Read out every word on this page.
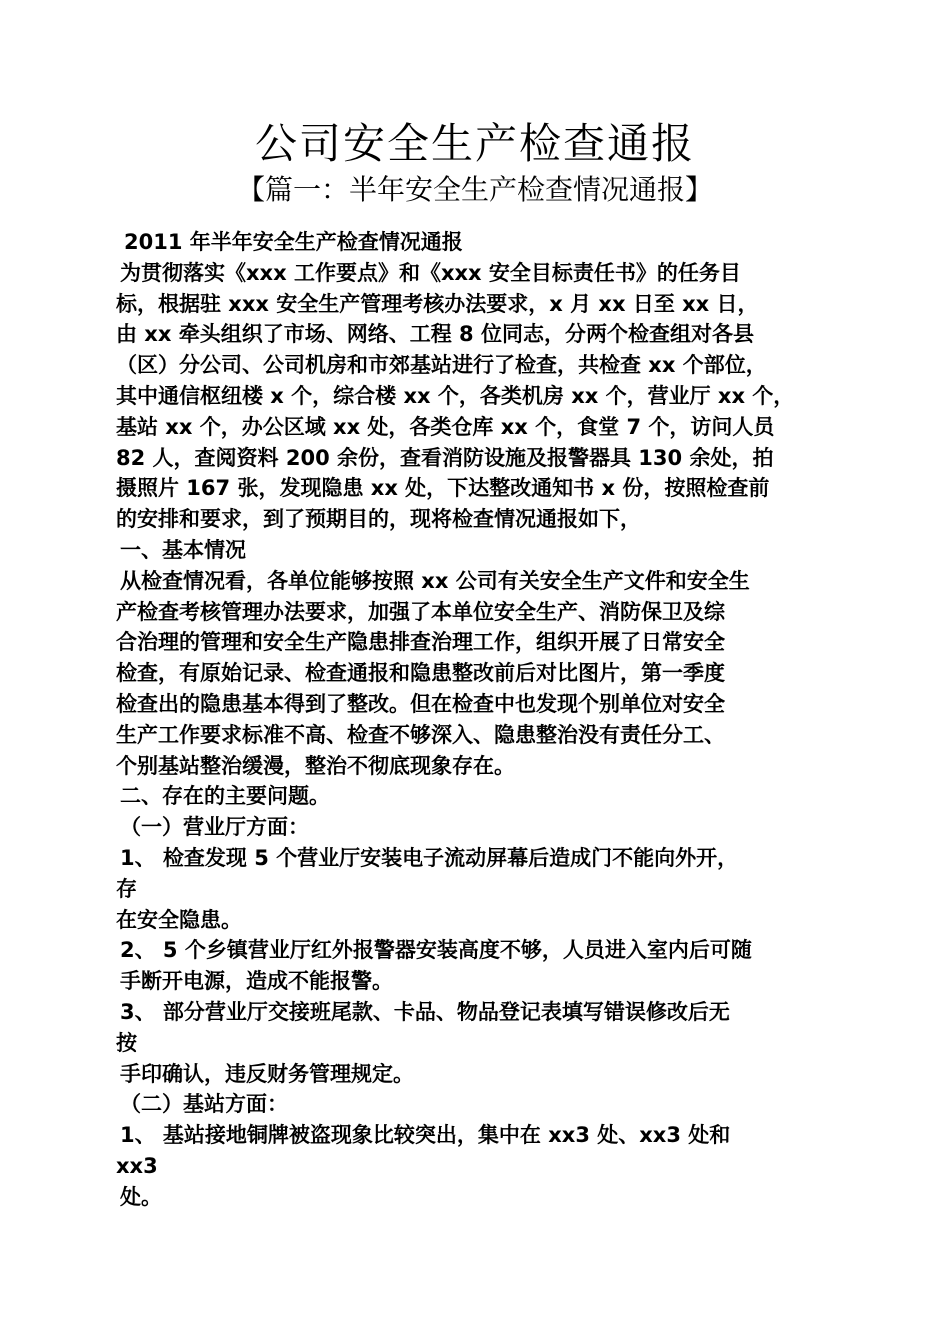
公司安全生产检查通报
【篇一：半年安全生产检查情况通报】
2011 年半年安全生产检查情况通报
为贯彻落实《xxx 工作要点》和《xxx 安全目标责任书》的任务目
标，根据驻 xxx 安全生产管理考核办法要求，x 月 xx 日至 xx 日，
由 xx 牵头组织了市场、网络、工程 8 位同志，分两个检查组对各县
（区）分公司、公司机房和市郊基站进行了检查，共检查 xx 个部位，
其中通信枢纽楼 x 个，综合楼 xx 个，各类机房 xx 个，营业厅 xx 个，
基站 xx 个，办公区域 xx 处，各类仓库 xx 个，食堂 7 个，访问人员
82 人，查阅资料 200 余份，查看消防设施及报警器具 130 余处，拍
摄照片 167 张，发现隐患 xx 处，下达整改通知书 x 份，按照检查前
的安排和要求，到了预期目的，现将检查情况通报如下，
一、基本情况
从检查情况看，各单位能够按照 xx 公司有关安全生产文件和安全生
产检查考核管理办法要求，加强了本单位安全生产、消防保卫及综
合治理的管理和安全生产隐患排查治理工作，组织开展了日常安全
检查，有原始记录、检查通报和隐患整改前后对比图片，第一季度
检查出的隐患基本得到了整改。但在检查中也发现个别单位对安全
生产工作要求标准不高、检查不够深入、隐患整治没有责任分工、
个别基站整治缓漫，整治不彻底现象存在。
二、存在的主要问题。
（一）营业厅方面：
1、 检查发现 5 个营业厅安装电子流动屏幕后造成门不能向外开，
存
在安全隐患。
2、 5 个乡镇营业厅红外报警器安装高度不够，人员进入室内后可随
手断开电源，造成不能报警。
3、 部分营业厅交接班尾款、卡品、物品登记表填写错误修改后无
按
手印确认，违反财务管理规定。
（二）基站方面：
1、 基站接地铜牌被盗现象比较突出，集中在 xx3 处、xx3 处和
xx3
处。
